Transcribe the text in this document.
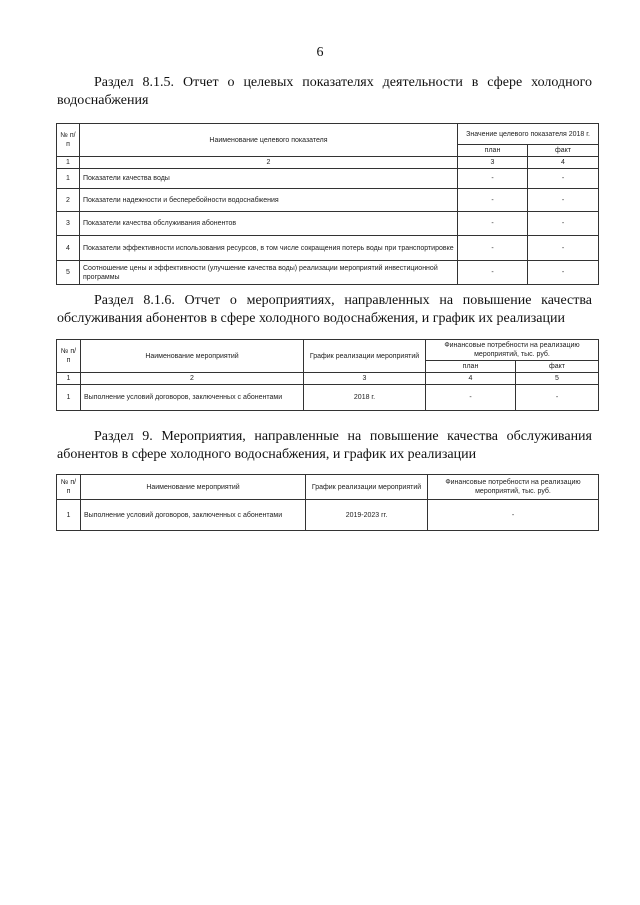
6
Раздел 8.1.5. Отчет о целевых показателях деятельности в сфере холодного водоснабжения
№ п/п	Наименование целевого показателя	Значение целевого показателя 2018 г.	
		план	факт
1	2	3	4
1	Показатели качества воды	-	-
2	Показатели надежности и бесперебойности водоснабжения	-	-
3	Показатели качества обслуживания абонентов	-	-
4	Показатели эффективности использования ресурсов, в том числе сокращения потерь воды при транспортировке	-	-
5	Соотношение цены и эффективности (улучшение качества воды) реализации мероприятий инвестиционной программы	-	-
Раздел 8.1.6. Отчет о мероприятиях, направленных на повышение качества обслуживания абонентов в сфере холодного водоснабжения, и график их реализации
№ п/п	Наименование мероприятий	График реализации мероприятий	Финансовые потребности на реализацию мероприятий, тыс. руб.	
			план	факт
1	2	3	4	5
1	Выполнение условий договоров, заключенных с абонентами	2018 г.	-	-
Раздел 9. Мероприятия, направленные на повышение качества обслуживания абонентов в сфере холодного водоснабжения, и график их реализации
№ п/п	Наименование мероприятий	График реализации мероприятий	Финансовые потребности на реализацию мероприятий, тыс. руб.
1	Выполнение условий договоров, заключенных с абонентами	2019-2023 гг.	-
